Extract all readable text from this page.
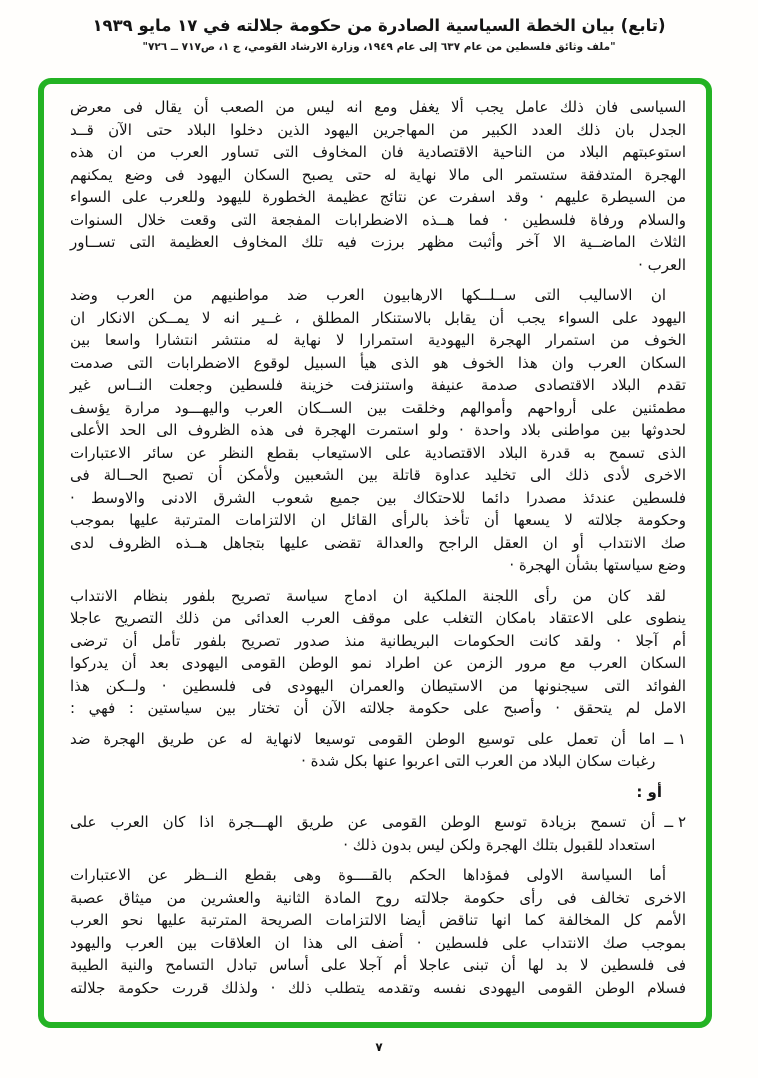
(تابع) بيان الخطة السياسية الصادرة من حكومة جلالته في ١٧ مايو ١٩٣٩
"ملف وثائق فلسطين من عام ٦٣٧ إلى عام ١٩٤٩، وزارة الارشاد القومي، ج ١، ص٧١٧ ــ ٧٢٦"
السياسى فان ذلك عامل يجب ألا يغفل ومع انه ليس من الصعب أن يقال فى معرض
الجدل بان ذلك العدد الكبير من المهاجرين اليهود الذين دخلوا البلاد حتى الآن قــد
استوعبتهم البلاد من الناحية الاقتصادية فان المخاوف التى تساور العرب من ان هذه
الهجرة المتدفقة ستستمر الى مالا نهاية له حتى يصبح السكان اليهود فى وضع يمكنهم
من السيطرة عليهم · وقد اسفرت عن نتائج عظيمة الخطورة لليهود وللعرب على السواء
والسلام ورفاة فلسطين · فما هــذه الاضطرابات المفجعة التى وقعت خلال السنوات
الثلاث الماضــية الا آخر وأثبت مظهر برزت فيه تلك المخاوف العظيمة التى تســاور
العرب ·
ان الاساليب التى ســلــكها الارهابيون العرب ضد مواطنيهم من العرب وضد
اليهود على السواء يجب أن يقابل بالاستنكار المطلق ، غــير انه لا يمــكن الانكار ان
الخوف من استمرار الهجرة اليهودية استمرارا لا نهاية له منتشر انتشارا واسعا بين
السكان العرب وان هذا الخوف هو الذى هيأ السبيل لوقوع الاضطرابات التى صدمت
تقدم البلاد الاقتصادى صدمة عنيفة واستنزفت خزينة فلسطين وجعلت النــاس غير
مطمئنين على أرواحهم وأموالهم وخلقت بين الســكان العرب واليهـــود مرارة يؤسف
لحدوثها بين مواطنى بلاد واحدة · ولو استمرت الهجرة فى هذه الظروف الى الحد الأعلى
الذى تسمح به قدرة البلاد الاقتصادية على الاستيعاب بقطع النظر عن سائر الاعتبارات
الاخرى لأدى ذلك الى تخليد عداوة قاتلة بين الشعبين ولأمكن أن تصبح الحــالة فى
فلسطين عندئذ مصدرا دائما للاحتكاك بين جميع شعوب الشرق الادنى والاوسط ·
وحكومة جلالته لا يسعها أن تأخذ بالرأى القائل ان الالتزامات المترتبة عليها بموجب
صك الانتداب أو ان العقل الراجح والعدالة تقضى عليها بتجاهل هــذه الظروف لدى
وضع سياستها بشأن الهجرة ·
لقد كان من رأى اللجنة الملكية ان ادماج سياسة تصريح بلفور بنظام الانتداب
ينطوى على الاعتقاد بامكان التغلب على موقف العرب العدائى من ذلك التصريح عاجلا
أم آجلا · ولقد كانت الحكومات البريطانية منذ صدور تصريح بلفور تأمل أن ترضى
السكان العرب مع مرور الزمن عن اطراد نمو الوطن القومى اليهودى بعد أن يدركوا
الفوائد التى سيجنونها من الاستيطان والعمران اليهودى فى فلسطين · ولــكن هذا
الامل لم يتحقق · وأصبح على حكومة جلالته الآن أن تختار بين سياستين : فهي :
١ ــ
اما أن تعمل على توسيع الوطن القومى توسيعا لانهاية له عن طريق الهجرة ضد
رغبات سكان البلاد من العرب التى اعربوا عنها بكل شدة ·
أو :
٢ ــ
أن تسمح بزيادة توسع الوطن القومى عن طريق الهـــجرة اذا كان العرب على
استعداد للقبول بتلك الهجرة ولكن ليس بدون ذلك ·
أما السياسة الاولى فمؤداها الحكم بالقــــوة وهى بقطع النــظر عن الاعتبارات
الاخرى تخالف فى رأى حكومة جلالته روح المادة الثانية والعشرين من ميثاق عصبة
الأمم كل المخالفة كما انها تناقض أيضا الالتزامات الصريحة المترتبة عليها نحو العرب
بموجب صك الانتداب على فلسطين · أضف الى هذا ان العلاقات بين العرب واليهود
فى فلسطين لا بد لها أن تبنى عاجلا أم آجلا على أساس تبادل التسامح والنية الطيبة
فسلام الوطن القومى اليهودى نفسه وتقدمه يتطلب ذلك · ولذلك قررت حكومة جلالته
٧
